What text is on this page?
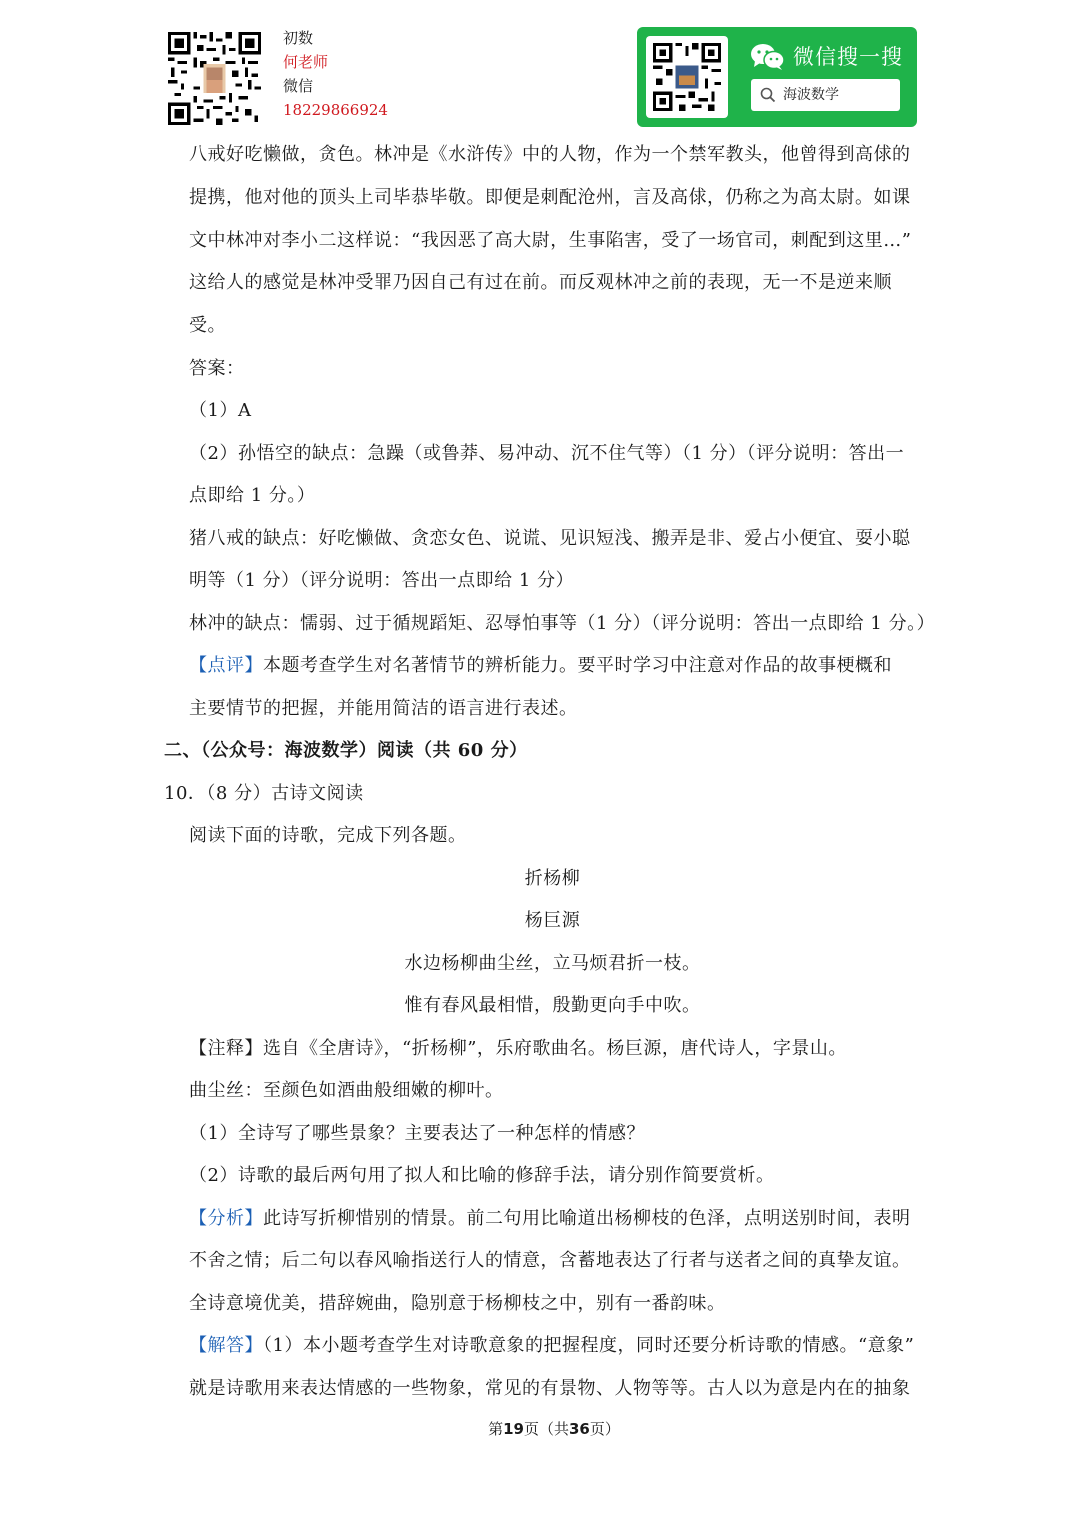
初数
何老师
微信
18229866924
微信搜一搜
海波数学
八戒好吃懒做，贪色。林冲是《水浒传》中的人物，作为一个禁军教头，他曾得到高俅的
提携，他对他的顶头上司毕恭毕敬。即便是刺配沧州，言及高俅，仍称之为高太尉。如课
文中林冲对李小二这样说：“我因恶了高大尉，生事陷害，受了一场官司，刺配到这里…”
这给人的感觉是林冲受罪乃因自己有过在前。而反观林冲之前的表现，无一不是逆来顺
受。
答案：
（1）A
（2）孙悟空的缺点：急躁（或鲁莽、易冲动、沉不住气等）（1 分）（评分说明：答出一
点即给 1 分。）
猪八戒的缺点：好吃懒做、贪恋女色、说谎、见识短浅、搬弄是非、爱占小便宜、耍小聪
明等（1 分）（评分说明：答出一点即给 1 分）
林冲的缺点：懦弱、过于循规蹈矩、忍辱怕事等（1 分）（评分说明：答出一点即给 1 分。）
【点评】本题考查学生对名著情节的辨析能力。要平时学习中注意对作品的故事梗概和
主要情节的把握，并能用简洁的语言进行表述。
二、（公众号：海波数学）阅读（共 60 分）
10．（8 分）古诗文阅读
阅读下面的诗歌，完成下列各题。
折杨柳
杨巨源
水边杨柳曲尘丝，立马烦君折一枝。
惟有春风最相惜，殷勤更向手中吹。
【注释】选自《全唐诗》，“折杨柳”，乐府歌曲名。杨巨源，唐代诗人，字景山。
曲尘丝：至颜色如酒曲般细嫩的柳叶。
（1）全诗写了哪些景象？主要表达了一种怎样的情感？
（2）诗歌的最后两句用了拟人和比喻的修辞手法，请分别作简要赏析。
【分析】此诗写折柳惜别的情景。前二句用比喻道出杨柳枝的色泽，点明送别时间，表明
不舍之情；后二句以春风喻指送行人的情意，含蓄地表达了行者与送者之间的真挚友谊。
全诗意境优美，措辞婉曲，隐别意于杨柳枝之中，别有一番韵味。
【解答】（1）本小题考查学生对诗歌意象的把握程度，同时还要分析诗歌的情感。“意象”
就是诗歌用来表达情感的一些物象，常见的有景物、人物等等。古人以为意是内在的抽象
第19页（共36页）
